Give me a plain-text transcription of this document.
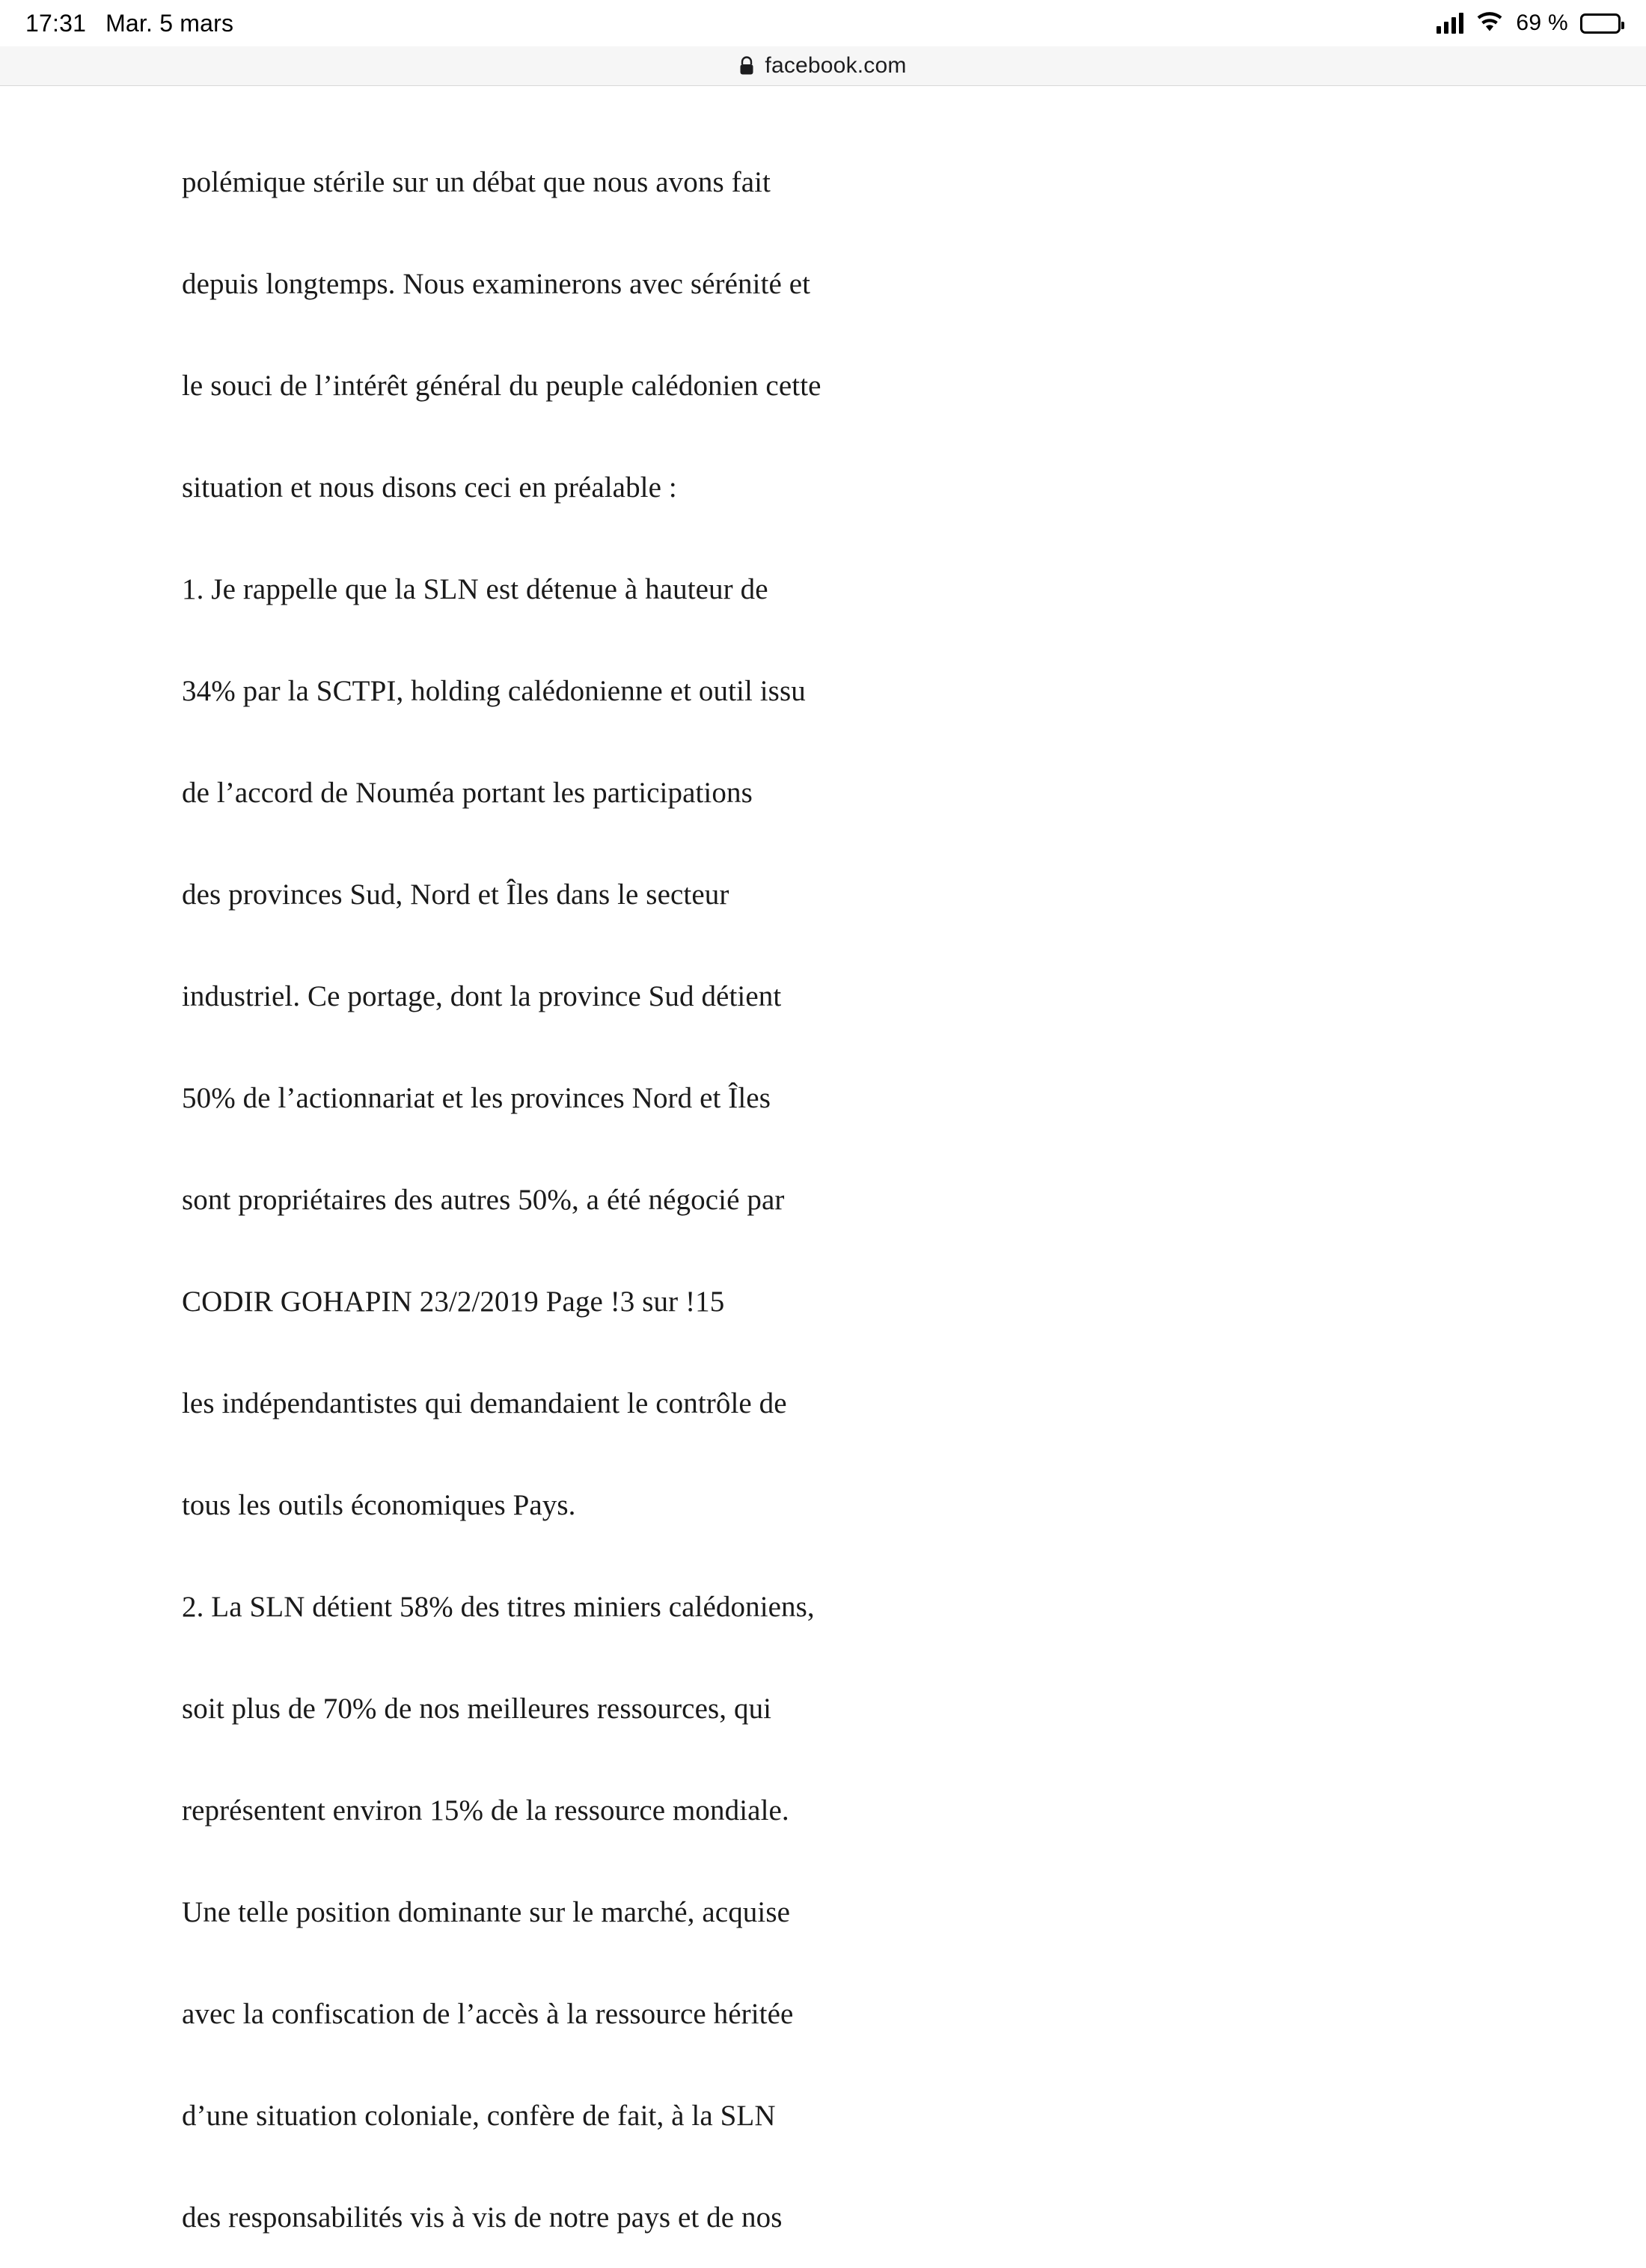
17:31 Mar. 5 mars	69 %
facebook.com

polémique stérile sur un débat que nous avons fait

depuis longtemps. Nous examinerons avec sérénité et

le souci de l’intérêt général du peuple calédonien cette

situation et nous disons ceci en préalable :

1. Je rappelle que la SLN est détenue à hauteur de

34% par la SCTPI, holding calédonienne et outil issu

de l’accord de Nouméa portant les participations

des provinces Sud, Nord et Îles dans le secteur

industriel. Ce portage, dont la province Sud détient

50% de l’actionnariat et les provinces Nord et Îles

sont propriétaires des autres 50%, a été négocié par

CODIR GOHAPIN 23/2/2019 Page !3 sur !15

les indépendantistes qui demandaient le contrôle de

tous les outils économiques Pays.

2. La SLN détient 58% des titres miniers calédoniens,

soit plus de 70% de nos meilleures ressources, qui

représentent environ 15% de la ressource mondiale.

Une telle position dominante sur le marché, acquise

avec la confiscation de l’accès à la ressource héritée

d’une situation coloniale, confère de fait, à la SLN

des responsabilités vis à vis de notre pays et de nos
